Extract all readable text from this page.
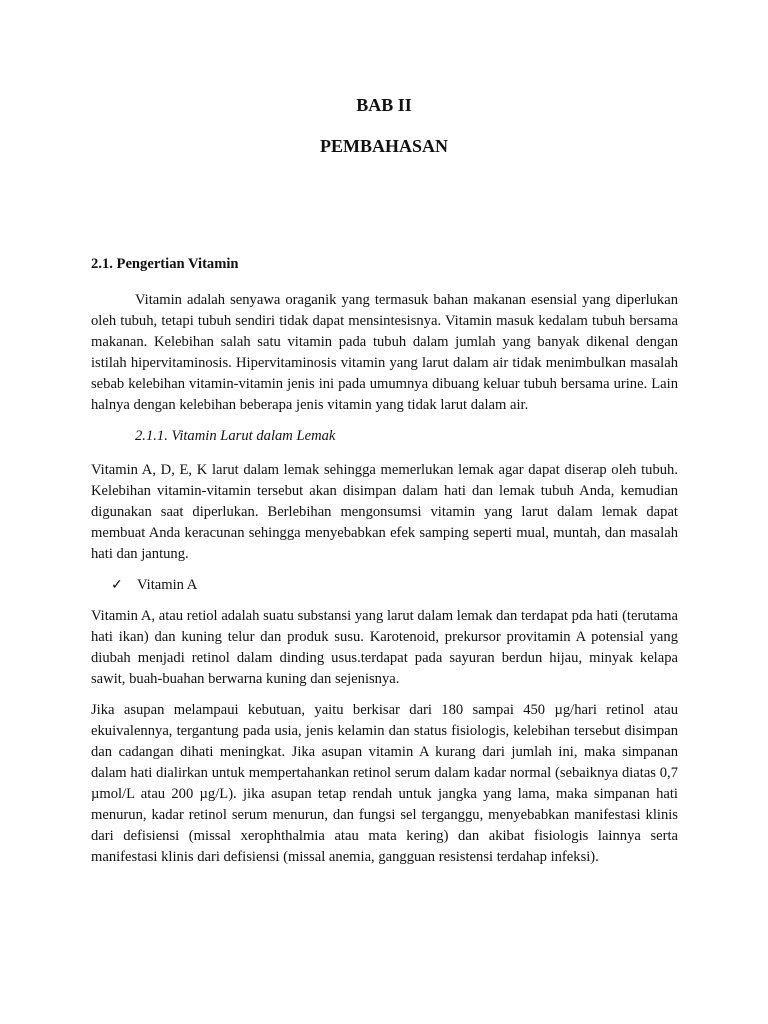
BAB II
PEMBAHASAN

2.1. Pengertian Vitamin

Vitamin adalah senyawa oraganik yang termasuk bahan makanan esensial yang diperlukan oleh tubuh, tetapi tubuh sendiri tidak dapat mensintesisnya. Vitamin masuk kedalam tubuh bersama makanan. Kelebihan salah satu vitamin pada tubuh dalam jumlah yang banyak dikenal dengan istilah hipervitaminosis. Hipervitaminosis vitamin yang larut dalam air tidak menimbulkan masalah sebab kelebihan vitamin-vitamin jenis ini pada umumnya dibuang keluar tubuh bersama urine. Lain halnya dengan kelebihan beberapa jenis vitamin yang tidak larut dalam air.

2.1.1. Vitamin Larut dalam Lemak

Vitamin A, D, E, K larut dalam lemak sehingga memerlukan lemak agar dapat diserap oleh tubuh. Kelebihan vitamin-vitamin tersebut akan disimpan dalam hati dan lemak tubuh Anda, kemudian digunakan saat diperlukan. Berlebihan mengonsumsi vitamin yang larut dalam lemak dapat membuat Anda keracunan sehingga menyebabkan efek samping seperti mual, muntah, dan masalah hati dan jantung.

✓ Vitamin A

Vitamin A, atau retiol adalah suatu substansi yang larut dalam lemak dan terdapat pda hati (terutama hati ikan) dan kuning telur dan produk susu. Karotenoid, prekursor provitamin A potensial yang diubah menjadi retinol dalam dinding usus.terdapat pada sayuran berdun hijau, minyak kelapa sawit, buah-buahan berwarna kuning dan sejenisnya.

Jika asupan melampaui kebutuan, yaitu berkisar dari 180 sampai 450 µg/hari retinol atau ekuivalennya, tergantung pada usia, jenis kelamin dan status fisiologis, kelebihan tersebut disimpan dan cadangan dihati meningkat. Jika asupan vitamin A kurang dari jumlah ini, maka simpanan dalam hati dialirkan untuk mempertahankan retinol serum dalam kadar normal (sebaiknya diatas 0,7 µmol/L atau 200 µg/L). jika asupan tetap rendah untuk jangka yang lama, maka simpanan hati menurun, kadar retinol serum menurun, dan fungsi sel terganggu, menyebabkan manifestasi klinis dari defisiensi (missal xerophthalmia atau mata kering) dan akibat fisiologis lainnya serta manifestasi klinis dari defisiensi (missal anemia, gangguan resistensi terdahap infeksi).
